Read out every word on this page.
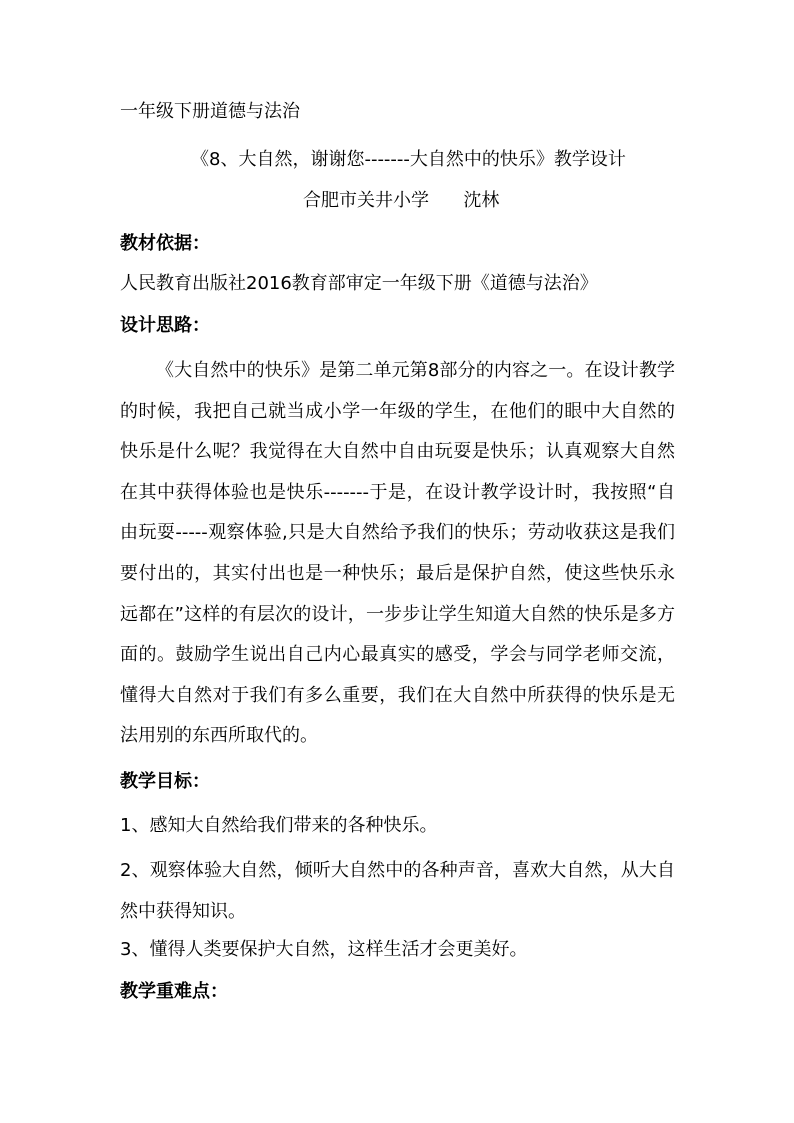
一年级下册道德与法治
《8、大自然，谢谢您-------大自然中的快乐》教学设计
合肥市关井小学      沈林
教材依据：
人民教育出版社2016教育部审定一年级下册《道德与法治》
设计思路：

《大自然中的快乐》是第二单元第8部分的内容之一。在设计教学的时候，我把自己就当成小学一年级的学生，在他们的眼中大自然的快乐是什么呢？我觉得在大自然中自由玩耍是快乐；认真观察大自然在其中获得体验也是快乐-------于是，在设计教学设计时，我按照“自由玩耍-----观察体验,只是大自然给予我们的快乐；劳动收获这是我们要付出的，其实付出也是一种快乐；最后是保护自然，使这些快乐永远都在”这样的有层次的设计，一步步让学生知道大自然的快乐是多方面的。鼓励学生说出自己内心最真实的感受，学会与同学老师交流，懂得大自然对于我们有多么重要，我们在大自然中所获得的快乐是无法用别的东西所取代的。

教学目标：
1、感知大自然给我们带来的各种快乐。

2、观察体验大自然，倾听大自然中的各种声音，喜欢大自然，从大自然中获得知识。

3、懂得人类要保护大自然，这样生活才会更美好。
教学重难点：
